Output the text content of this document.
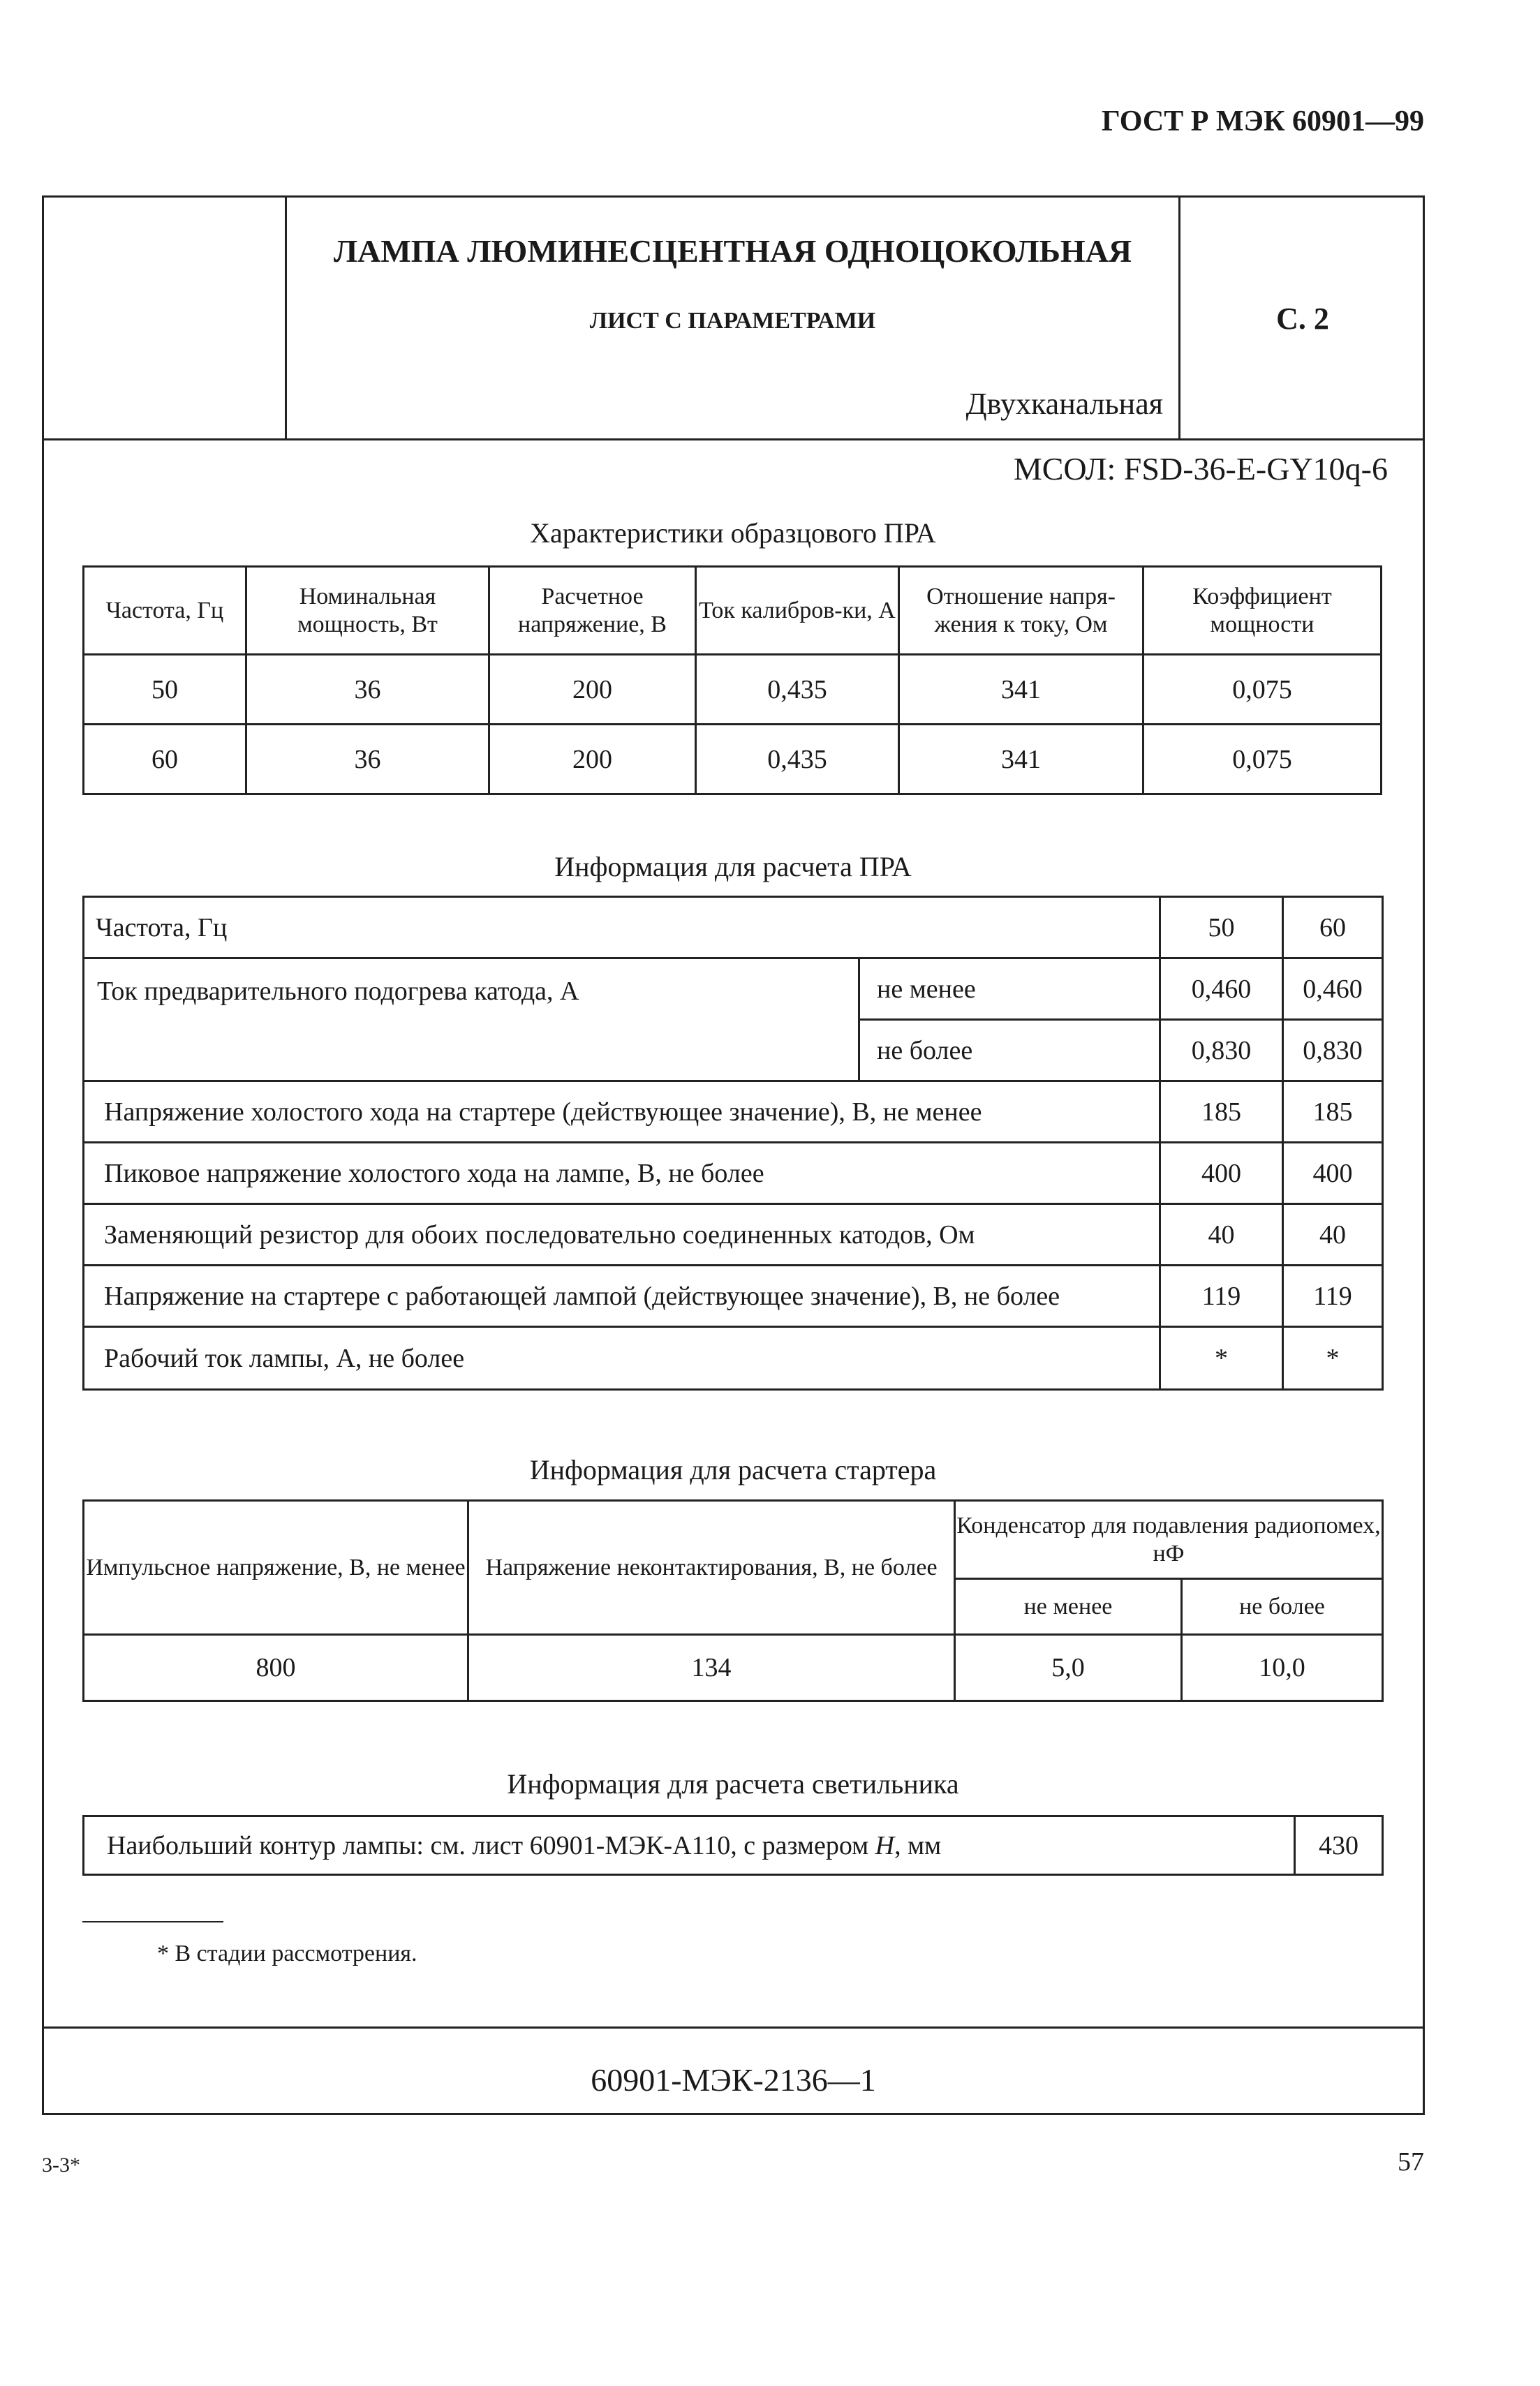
ГОСТ Р МЭК 60901—99
ЛАМПА ЛЮМИНЕСЦЕНТНАЯ ОДНОЦОКОЛЬНАЯ
ЛИСТ С ПАРАМЕТРАМИ
Двухканальная
С. 2
МСОЛ: FSD-36-E-GY10q-6
60901-МЭК-2136—1
Характеристики образцового ПРА
Частота, Гц	Номинальная мощность, Вт	Расчетное напряжение, В	Ток калибров-ки, А	Отношение напря-жения к току, Ом	Коэффициент мощности
50	36	200	0,435	341	0,075
60	36	200	0,435	341	0,075
Информация для расчета ПРА
Частота, Гц		50	60
Ток предварительного подогрева катода, А	не менее	0,460	0,460
	не более	0,830	0,830
Напряжение холостого хода на стартере (действующее значение), В, не менее		185	185
Пиковое напряжение холостого хода на лампе, В, не более		400	400
Заменяющий резистор для обоих последовательно соединенных катодов, Ом		40	40
Напряжение на стартере с работающей лампой (действующее значение), В, не более		119	119
Рабочий ток лампы, А, не более		*	*
Информация для расчета стартера
Импульсное напряжение, В, не менее	Напряжение неконтактирования, В, не более	Конденсатор для подавления радиопомех, нФ	
		не менее	не более
800	134	5,0	10,0
Информация для расчета светильника
Наибольший контур лампы: см. лист 60901-МЭК-А110, с размером H, мм	430
* В стадии рассмотрения.
3-3*	57
